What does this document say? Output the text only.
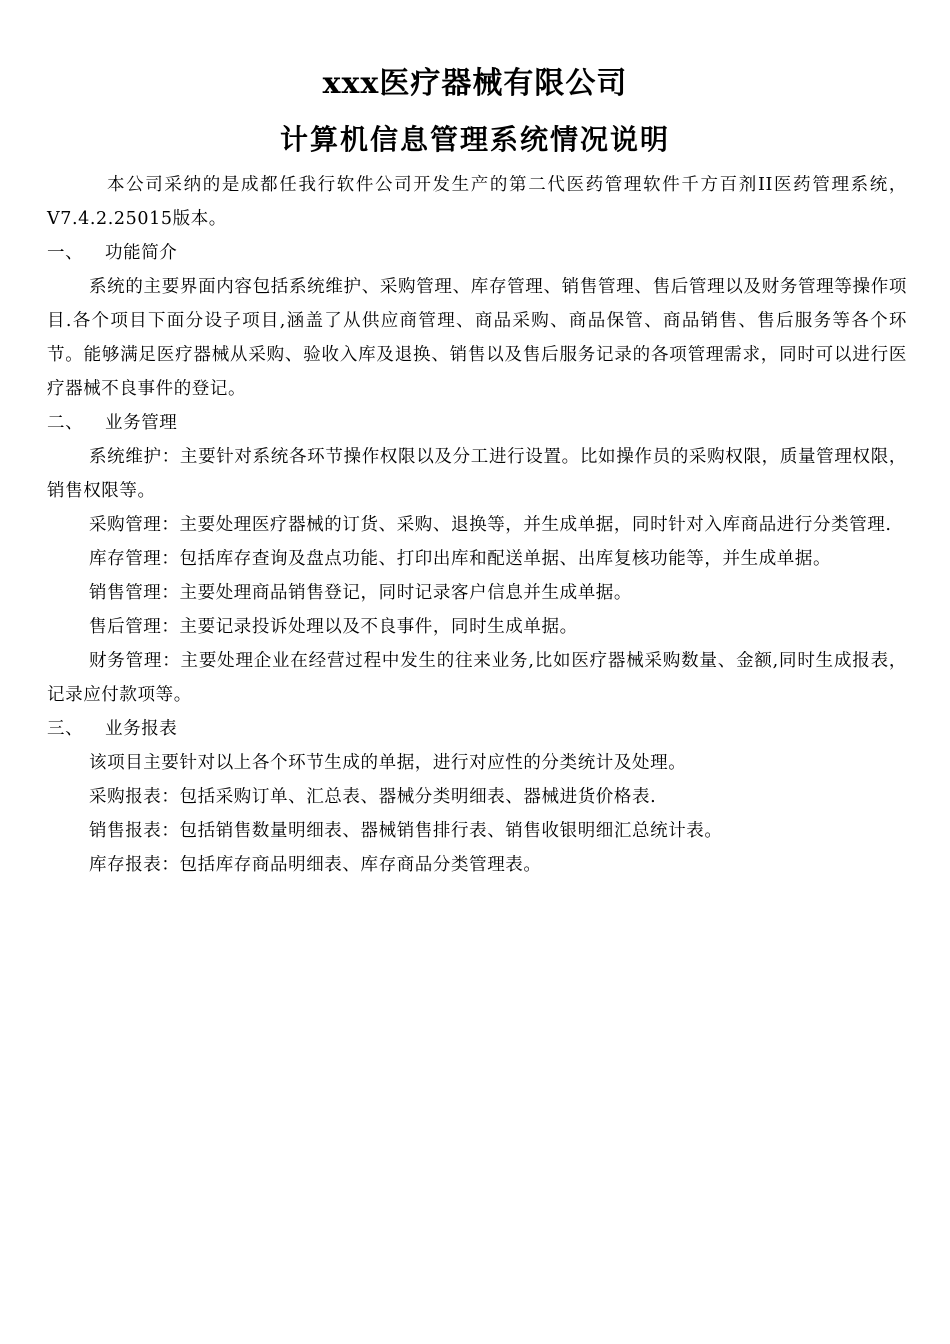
xxx医疗器械有限公司
计算机信息管理系统情况说明

本公司采纳的是成都任我行软件公司开发生产的第二代医药管理软件千方百剂II医药管理系统，V7.4.2.25015版本。

一、 功能简介

系统的主要界面内容包括系统维护、采购管理、库存管理、销售管理、售后管理以及财务管理等操作项目.各个项目下面分设子项目,涵盖了从供应商管理、商品采购、商品保管、商品销售、售后服务等各个环节。能够满足医疗器械从采购、验收入库及退换、销售以及售后服务记录的各项管理需求，同时可以进行医疗器械不良事件的登记。

二、 业务管理

系统维护：主要针对系统各环节操作权限以及分工进行设置。比如操作员的采购权限，质量管理权限，销售权限等。

采购管理：主要处理医疗器械的订货、采购、退换等，并生成单据，同时针对入库商品进行分类管理.

库存管理：包括库存查询及盘点功能、打印出库和配送单据、出库复核功能等，并生成单据。

销售管理：主要处理商品销售登记，同时记录客户信息并生成单据。

售后管理：主要记录投诉处理以及不良事件，同时生成单据。

财务管理：主要处理企业在经营过程中发生的往来业务,比如医疗器械采购数量、金额,同时生成报表，记录应付款项等。

三、 业务报表

该项目主要针对以上各个环节生成的单据，进行对应性的分类统计及处理。

采购报表：包括采购订单、汇总表、器械分类明细表、器械进货价格表.

销售报表：包括销售数量明细表、器械销售排行表、销售收银明细汇总统计表。

库存报表：包括库存商品明细表、库存商品分类管理表。
